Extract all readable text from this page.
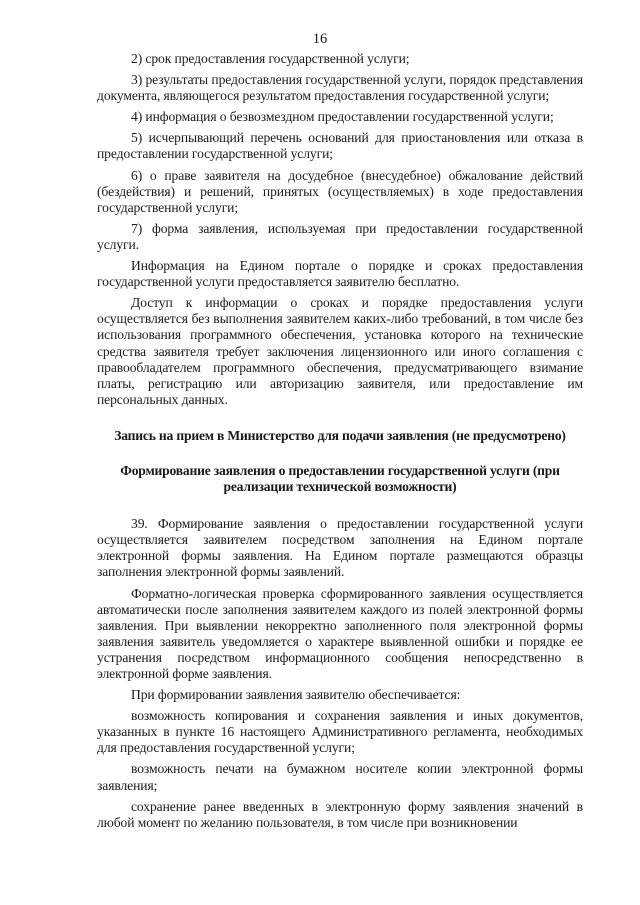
16

2) срок предоставления государственной услуги;

3) результаты предоставления государственной услуги, порядок представления документа, являющегося результатом предоставления государственной услуги;

4) информация о безвозмездном предоставлении государственной услуги;

5) исчерпывающий перечень оснований для приостановления или отказа в предоставлении государственной услуги;

6) о праве заявителя на досудебное (внесудебное) обжалование действий (бездействия) и решений, принятых (осуществляемых) в ходе предоставления государственной услуги;

7) форма заявления, используемая при предоставлении государственной услуги.

Информация на Едином портале о порядке и сроках предоставления государственной услуги предоставляется заявителю бесплатно.

Доступ к информации о сроках и порядке предоставления услуги осуществляется без выполнения заявителем каких-либо требований, в том числе без использования программного обеспечения, установка которого на технические средства заявителя требует заключения лицензионного или иного соглашения с правообладателем программного обеспечения, предусматривающего взимание платы, регистрацию или авторизацию заявителя, или предоставление им персональных данных.

Запись на прием в Министерство для подачи заявления (не предусмотрено)

Формирование заявления о предоставлении государственной услуги (при реализации технической возможности)

39. Формирование заявления о предоставлении государственной услуги осуществляется заявителем посредством заполнения на Едином портале электронной формы заявления. На Едином портале размещаются образцы заполнения электронной формы заявлений.

Форматно-логическая проверка сформированного заявления осуществляется автоматически после заполнения заявителем каждого из полей электронной формы заявления. При выявлении некорректно заполненного поля электронной формы заявления заявитель уведомляется о характере выявленной ошибки и порядке ее устранения посредством информационного сообщения непосредственно в электронной форме заявления.

При формировании заявления заявителю обеспечивается:

возможность копирования и сохранения заявления и иных документов, указанных в пункте 16 настоящего Административного регламента, необходимых для предоставления государственной услуги;

возможность печати на бумажном носителе копии электронной формы заявления;

сохранение ранее введенных в электронную форму заявления значений в любой момент по желанию пользователя, в том числе при возникновении
